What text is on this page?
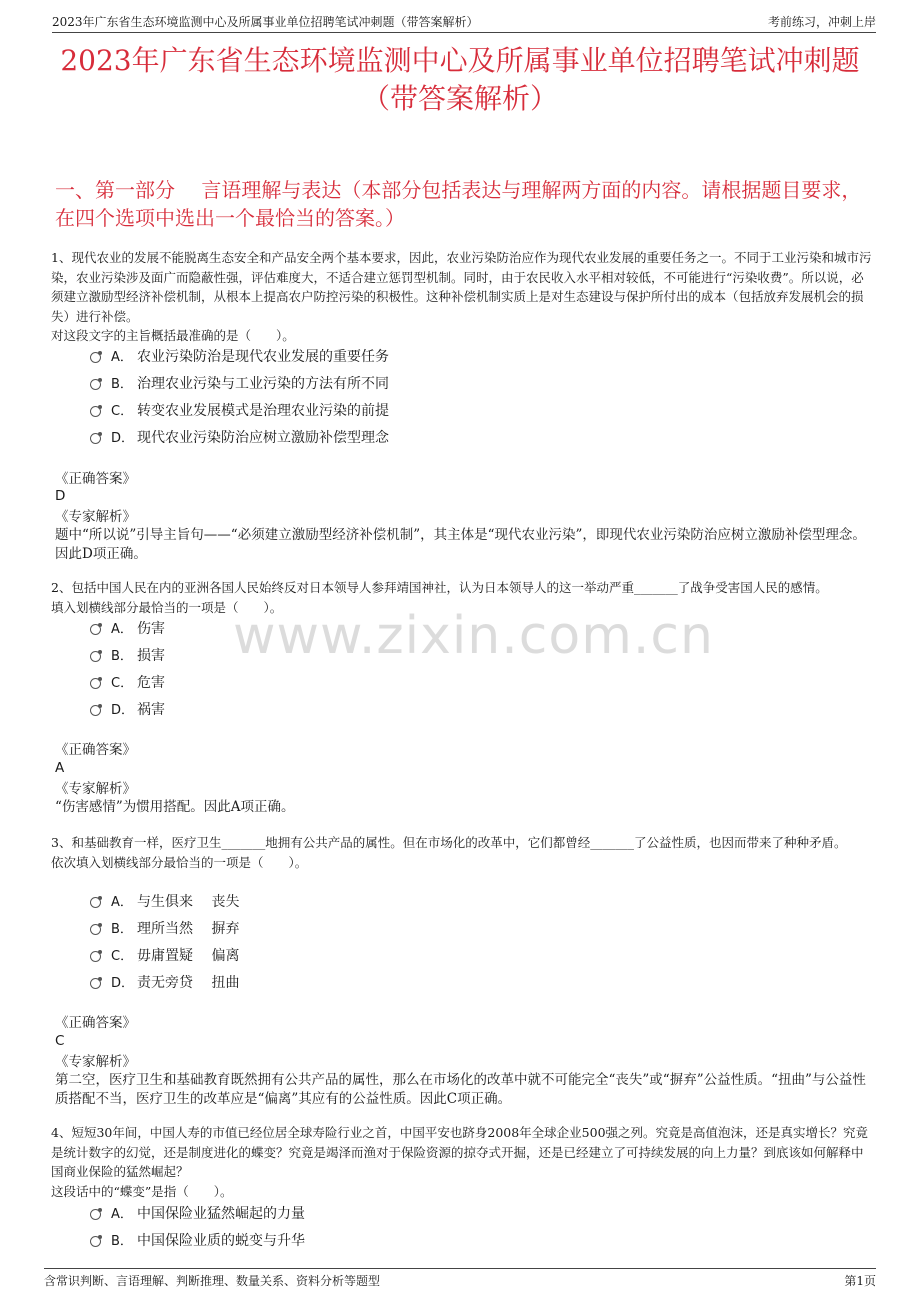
2023年广东省生态环境监测中心及所属事业单位招聘笔试冲刺题（带答案解析）	考前练习，冲刺上岸
2023年广东省生态环境监测中心及所属事业单位招聘笔试冲刺题（带答案解析）
一、第一部分　 言语理解与表达（本部分包括表达与理解两方面的内容。请根据题目要求，在四个选项中选出一个最恰当的答案。）
www.zixin.com.cn

1、现代农业的发展不能脱离生态安全和产品安全两个基本要求，因此，农业污染防治应作为现代农业发展的重要任务之一。不同于工业污染和城市污染，农业污染涉及面广而隐蔽性强，评估难度大，不适合建立惩罚型机制。同时，由于农民收入水平相对较低，不可能进行“污染收费”。所以说，必须建立激励型经济补偿机制，从根本上提高农户防控污染的积极性。这种补偿机制实质上是对生态建设与保护所付出的成本（包括放弃发展机会的损失）进行补偿。

对这段文字的主旨概括最准确的是（　　）。

A． 农业污染防治是现代农业发展的重要任务
B． 治理农业污染与工业污染的方法有所不同
C． 转变农业发展模式是治理农业污染的前提
D． 现代农业污染防治应树立激励补偿型理念
《正确答案》
D
《专家解析》
题中“所以说”引导主旨句——“必须建立激励型经济补偿机制”，其主体是“现代农业污染”，即现代农业污染防治应树立激励补偿型理念。因此D项正确。

2、包括中国人民在内的亚洲各国人民始终反对日本领导人参拜靖国神社，认为日本领导人的这一举动严重_______了战争受害国人民的感情。

填入划横线部分最恰当的一项是（　　）。

A． 伤害
B． 损害
C． 危害
D． 祸害
《正确答案》
A
《专家解析》
“伤害感情”为惯用搭配。因此A项正确。

3、和基础教育一样，医疗卫生_______地拥有公共产品的属性。但在市场化的改革中，它们都曾经_______了公益性质，也因而带来了种种矛盾。

依次填入划横线部分最恰当的一项是（　　）。

A． 与生俱来　 丧失
B． 理所当然　 摒弃
C． 毋庸置疑　 偏离
D． 责无旁贷　 扭曲
《正确答案》
C
《专家解析》
第二空，医疗卫生和基础教育既然拥有公共产品的属性，那么在市场化的改革中就不可能完全“丧失”或“摒弃”公益性质。“扭曲”与公益性质搭配不当，医疗卫生的改革应是“偏离”其应有的公益性质。因此C项正确。

4、短短30年间，中国人寿的市值已经位居全球寿险行业之首，中国平安也跻身2008年全球企业500强之列。究竟是高值泡沫，还是真实增长？究竟是统计数字的幻觉，还是制度进化的蝶变？究竟是竭泽而渔对于保险资源的掠夺式开掘，还是已经建立了可持续发展的向上力量？到底该如何解释中国商业保险的猛然崛起？

这段话中的“蝶变”是指（　　）。

A． 中国保险业猛然崛起的力量
B． 中国保险业质的蜕变与升华
含常识判断、言语理解、判断推理、数量关系、资料分析等题型	第1页
